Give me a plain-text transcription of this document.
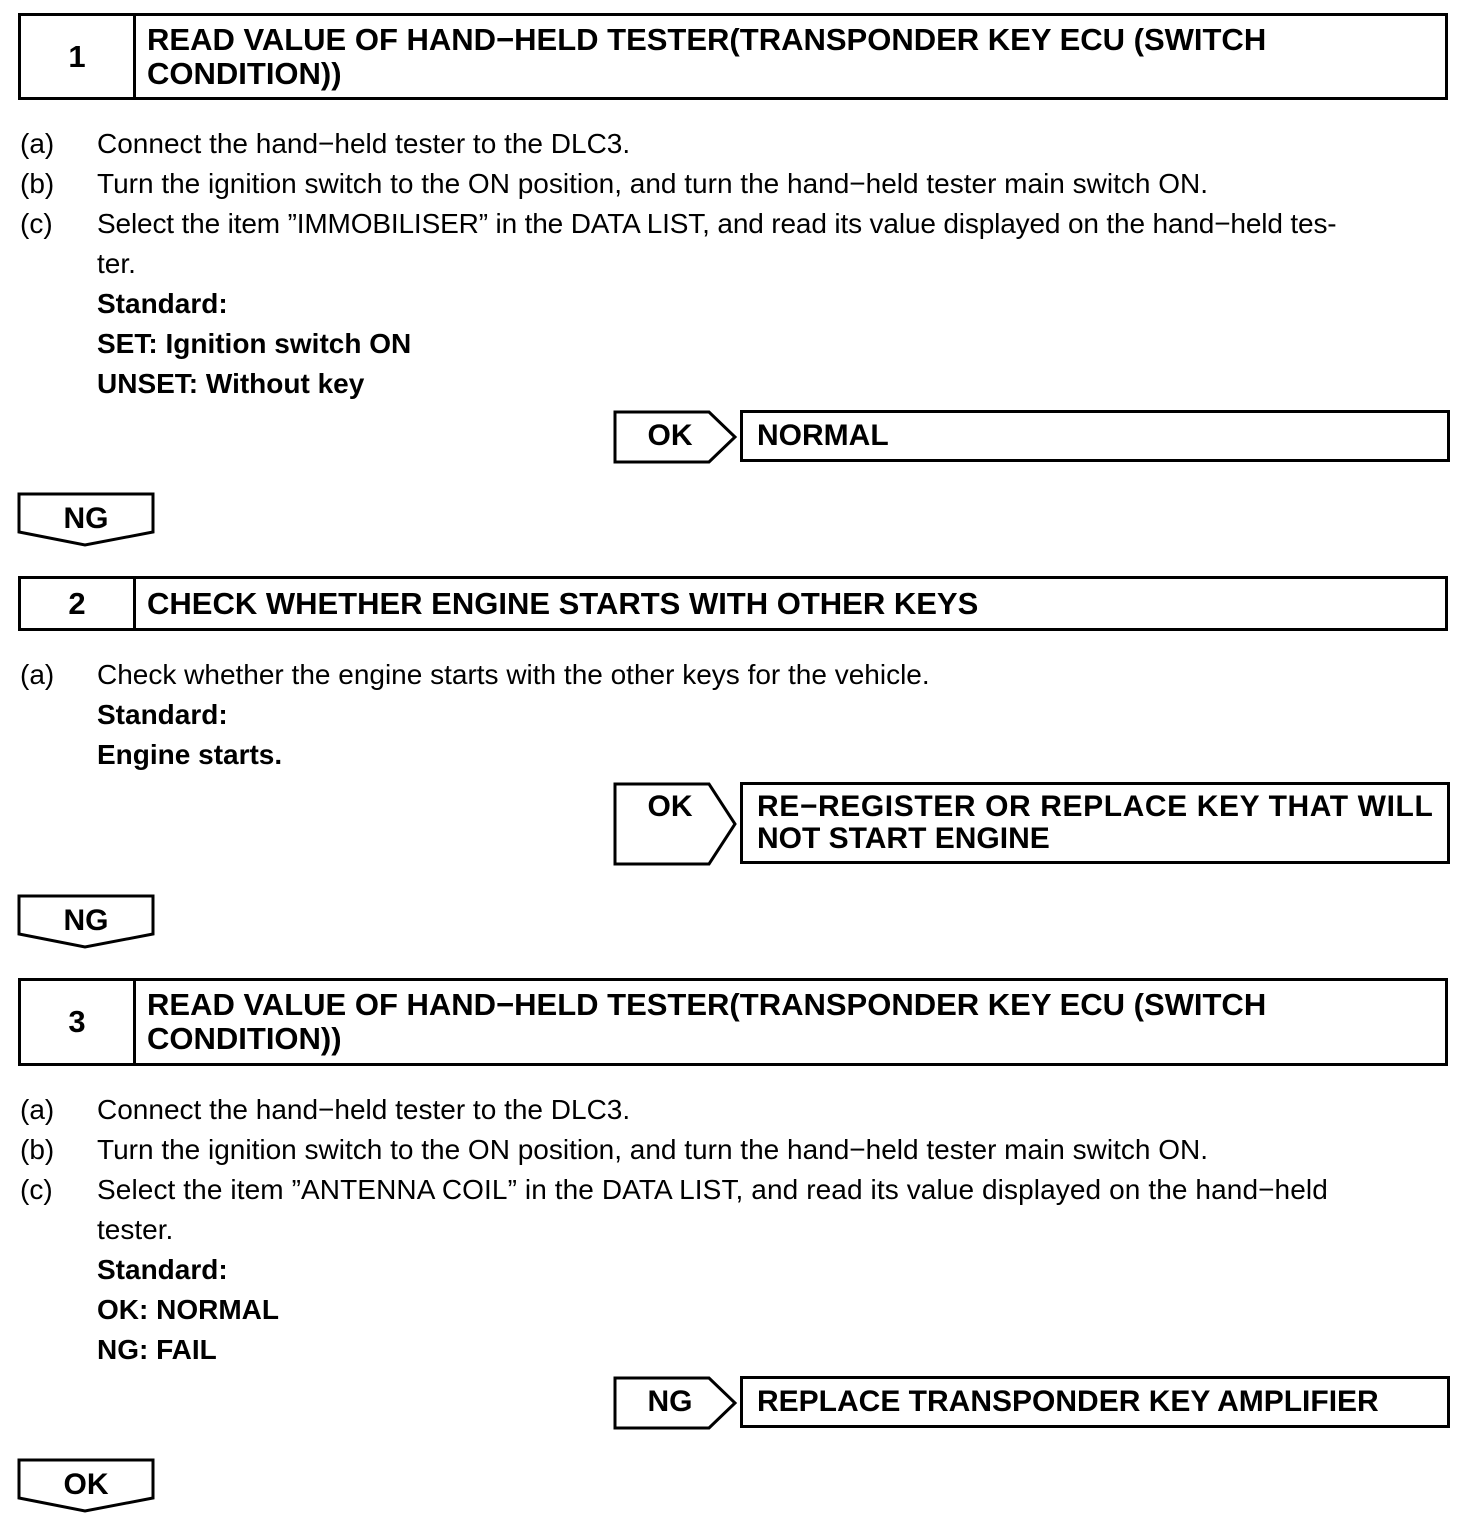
1	READ VALUE OF HAND−HELD TESTER(TRANSPONDER KEY ECU (SWITCH CONDITION))
(a) Connect the hand−held tester to the DLC3.
(b) Turn the ignition switch to the ON position, and turn the hand−held tester main switch ON.
(c) Select the item ”IMMOBILISER” in the DATA LIST, and read its value displayed on the hand−held tes-
ter.
Standard:
SET: Ignition switch ON
UNSET: Without key
OK	NORMAL
NG
2	CHECK WHETHER ENGINE STARTS WITH OTHER KEYS
(a) Check whether the engine starts with the other keys for the vehicle.
Standard:
Engine starts.
OK	RE−REGISTER OR REPLACE KEY THAT WILL
NOT START ENGINE
NG
3	READ VALUE OF HAND−HELD TESTER(TRANSPONDER KEY ECU (SWITCH CONDITION))
(a) Connect the hand−held tester to the DLC3.
(b) Turn the ignition switch to the ON position, and turn the hand−held tester main switch ON.
(c) Select the item ”ANTENNA COIL” in the DATA LIST, and read its value displayed on the hand−held
tester.
Standard:
OK: NORMAL
NG: FAIL
NG	REPLACE TRANSPONDER KEY AMPLIFIER
OK
